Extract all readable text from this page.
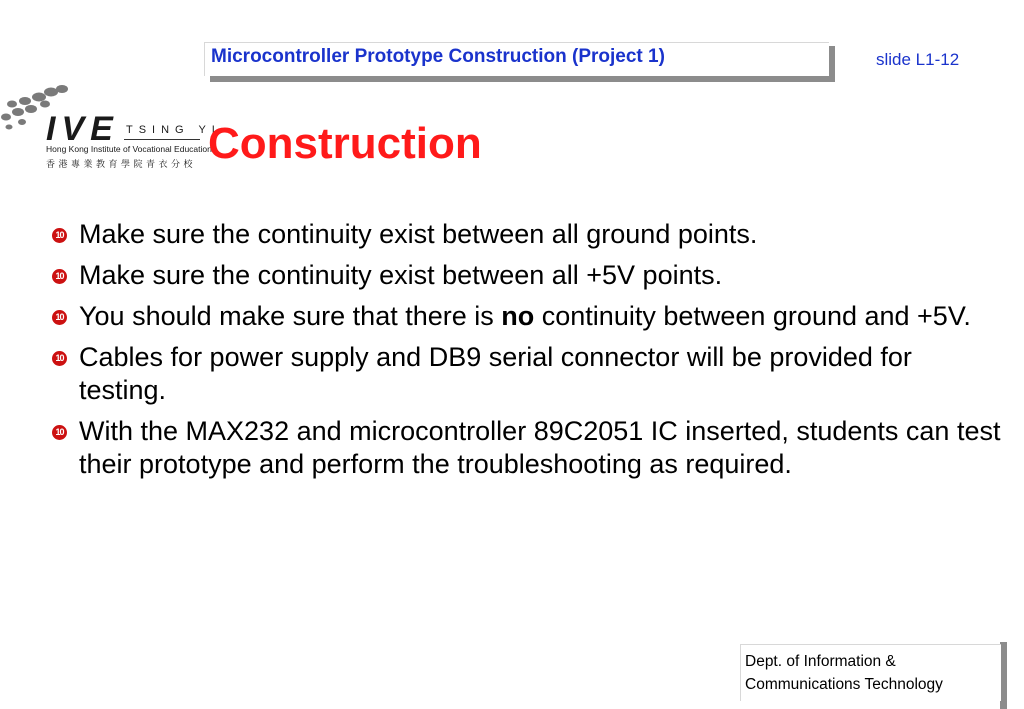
Microcontroller Prototype Construction (Project 1)	slide L1-12
IVE TSING YI
Hong Kong Institute of Vocational Education
香港專業教育學院青衣分校 Construction
10 Make sure the continuity exist between all ground points.
10 Make sure the continuity exist between all +5V points.
10 You should make sure that there is no continuity between ground and +5V.
10 Cables for power supply and DB9 serial connector will be provided for testing.
10 With the MAX232 and microcontroller 89C2051 IC inserted, students can test their prototype and perform the troubleshooting as required.
Dept. of Information &
Communications Technology
